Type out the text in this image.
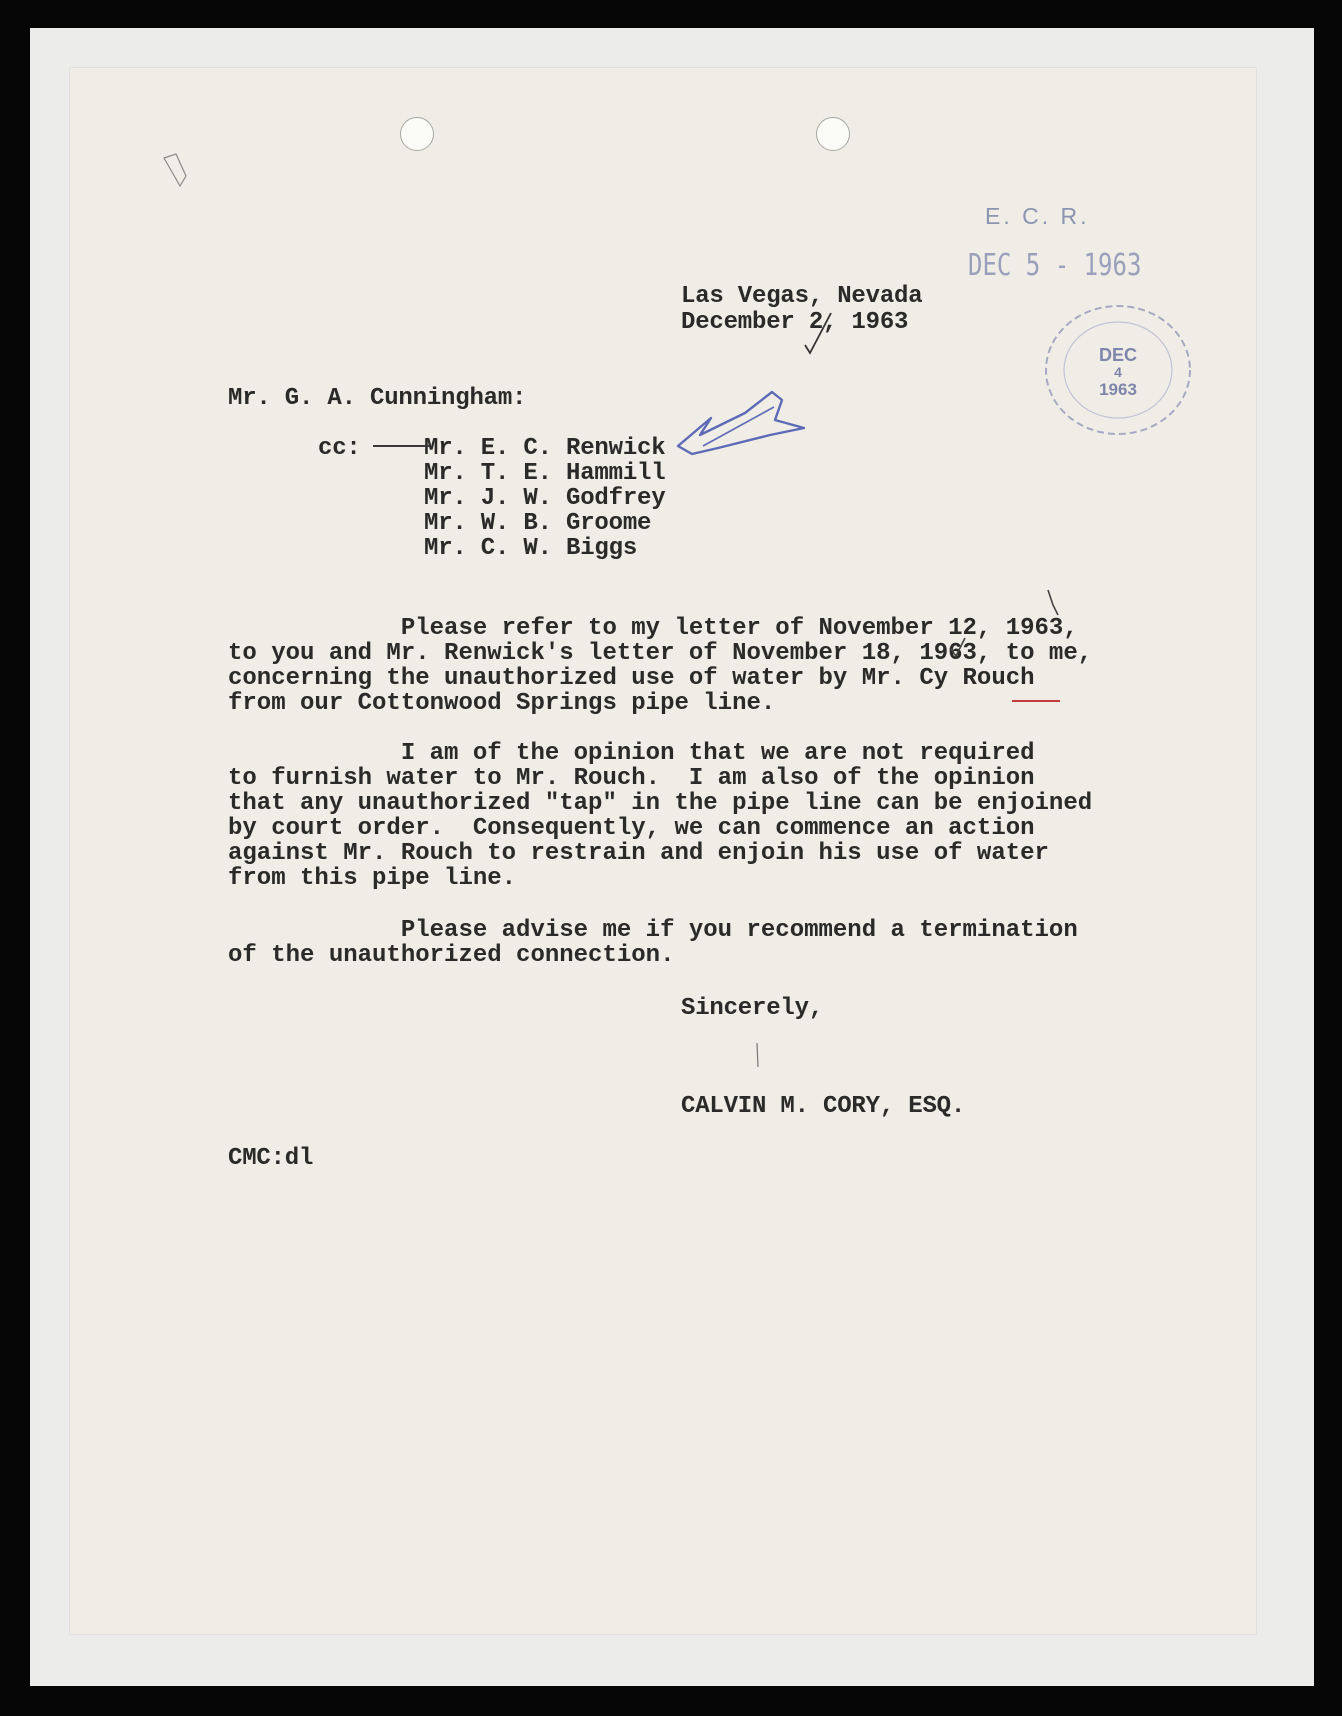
E. C. R.
DEC 5 - 1963
DEC
4
1963
Las Vegas, Nevada
December 2, 1963
Mr. G. A. Cunningham:
cc:	Mr. E. C. Renwick
Mr. T. E. Hammill
Mr. J. W. Godfrey
Mr. W. B. Groome
Mr. C. W. Biggs
Please refer to my letter of November 12, 1963,
to you and Mr. Renwick's letter of November 18, 1963, to me,
concerning the unauthorized use of water by Mr. Cy Rouch
from our Cottonwood Springs pipe line.
I am of the opinion that we are not required
to furnish water to Mr. Rouch.  I am also of the opinion
that any unauthorized "tap" in the pipe line can be enjoined
by court order.  Consequently, we can commence an action
against Mr. Rouch to restrain and enjoin his use of water
from this pipe line.
Please advise me if you recommend a termination
of the unauthorized connection.
Sincerely,
CALVIN M. CORY, ESQ.
CMC:dl
